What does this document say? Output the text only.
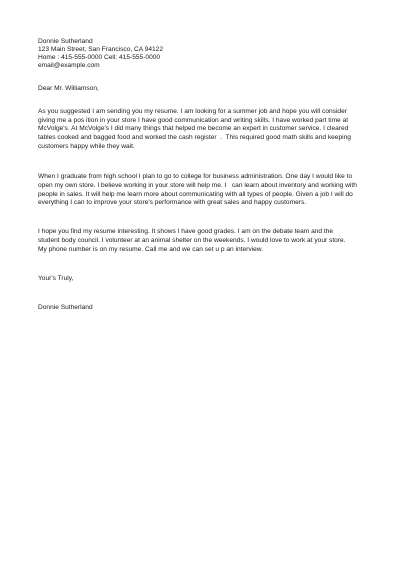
Donnie Sutherland
123 Main Street, San Francisco, CA 94122
Home : 415-555-0000 Cell: 415-555-0000
email@example.com
Dear Mr. Williamson,
As you suggested I am sending you my resume. I am looking for a summer job and hope you will consider
giving me a pos ition in your store I have good communication and writing skills. I have worked part time at
McVolge's. At McVolge's I did many things that helped me become an expert in customer service. I cleared
tables cooked and bagged food and worked the cash register  .  This required good math skills and keeping
customers happy while they wait.
When I graduate from high school I plan to go to college for business administration. One day I would like to
open my own store. I believe working in your store will help me. I   can learn about inventory and working with
people in sales. It will help me learn more about communicating with all types of people. Given a job I will do
everything I can to improve your store's performance with great sales and happy customers.
I hope you find my resume interesting. It shows I have good grades. I am on the debate team and the
student body council. I volunteer at an animal shelter on the weekends. I would love to work at your store.
My phone number is on my resume. Call me and we can set u p an interview.
Your's Truly,
Donnie Sutherland
